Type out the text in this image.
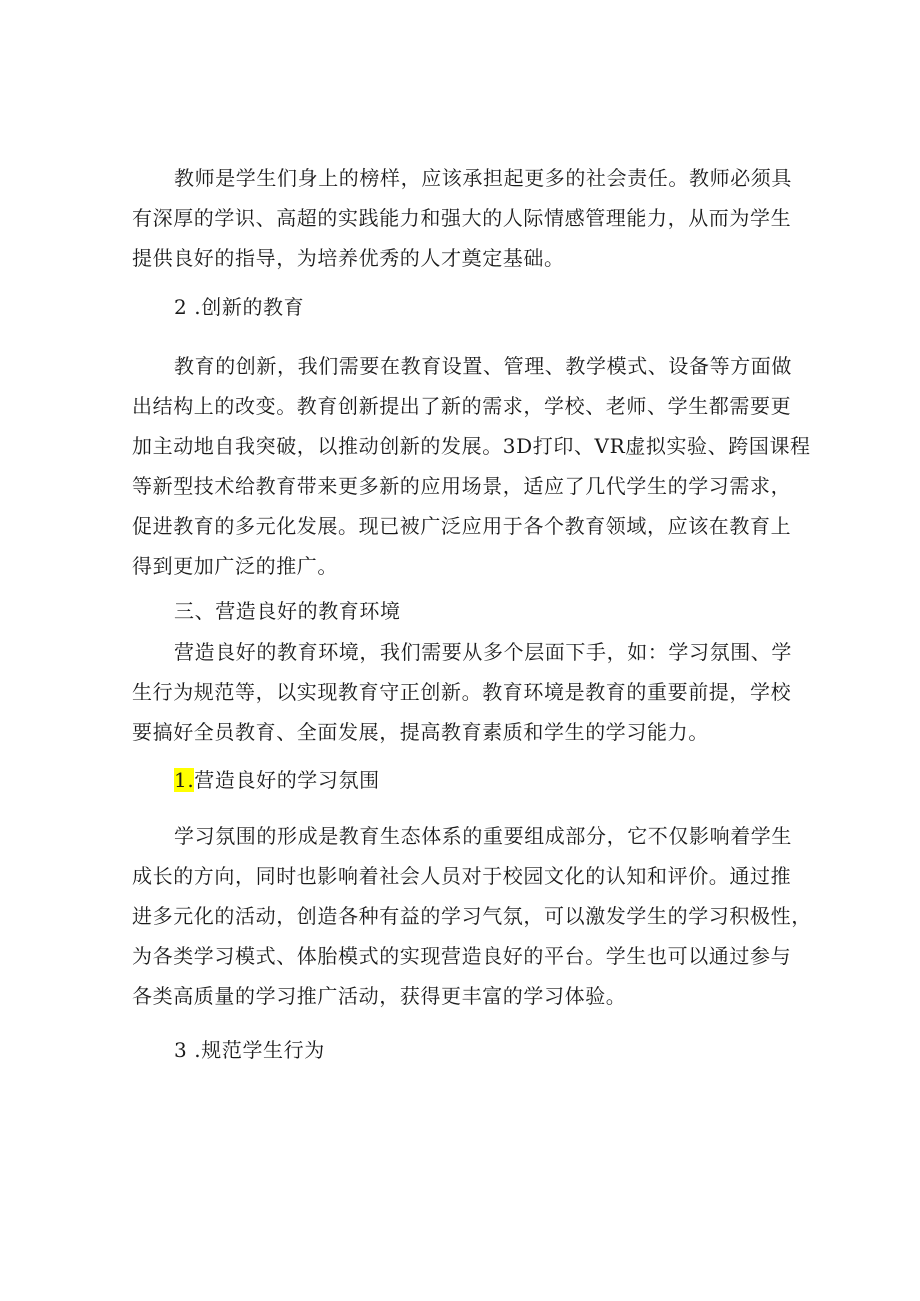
教师是学生们身上的榜样，应该承担起更多的社会责任。教师必须具

有深厚的学识、高超的实践能力和强大的人际情感管理能力，从而为学生

提供良好的指导，为培养优秀的人才奠定基础。

2 .创新的教育

教育的创新，我们需要在教育设置、管理、教学模式、设备等方面做

出结构上的改变。教育创新提出了新的需求，学校、老师、学生都需要更

加主动地自我突破，以推动创新的发展。3D打印、VR虚拟实验、跨国课程

等新型技术给教育带来更多新的应用场景，适应了几代学生的学习需求，

促进教育的多元化发展。现已被广泛应用于各个教育领域，应该在教育上

得到更加广泛的推广。

三、营造良好的教育环境

营造良好的教育环境，我们需要从多个层面下手，如：学习氛围、学

生行为规范等，以实现教育守正创新。教育环境是教育的重要前提，学校

要搞好全员教育、全面发展，提高教育素质和学生的学习能力。

1.营造良好的学习氛围

学习氛围的形成是教育生态体系的重要组成部分，它不仅影响着学生

成长的方向，同时也影响着社会人员对于校园文化的认知和评价。通过推

进多元化的活动，创造各种有益的学习气氛，可以激发学生的学习积极性，

为各类学习模式、体胎模式的实现营造良好的平台。学生也可以通过参与

各类高质量的学习推广活动，获得更丰富的学习体验。

3 .规范学生行为
